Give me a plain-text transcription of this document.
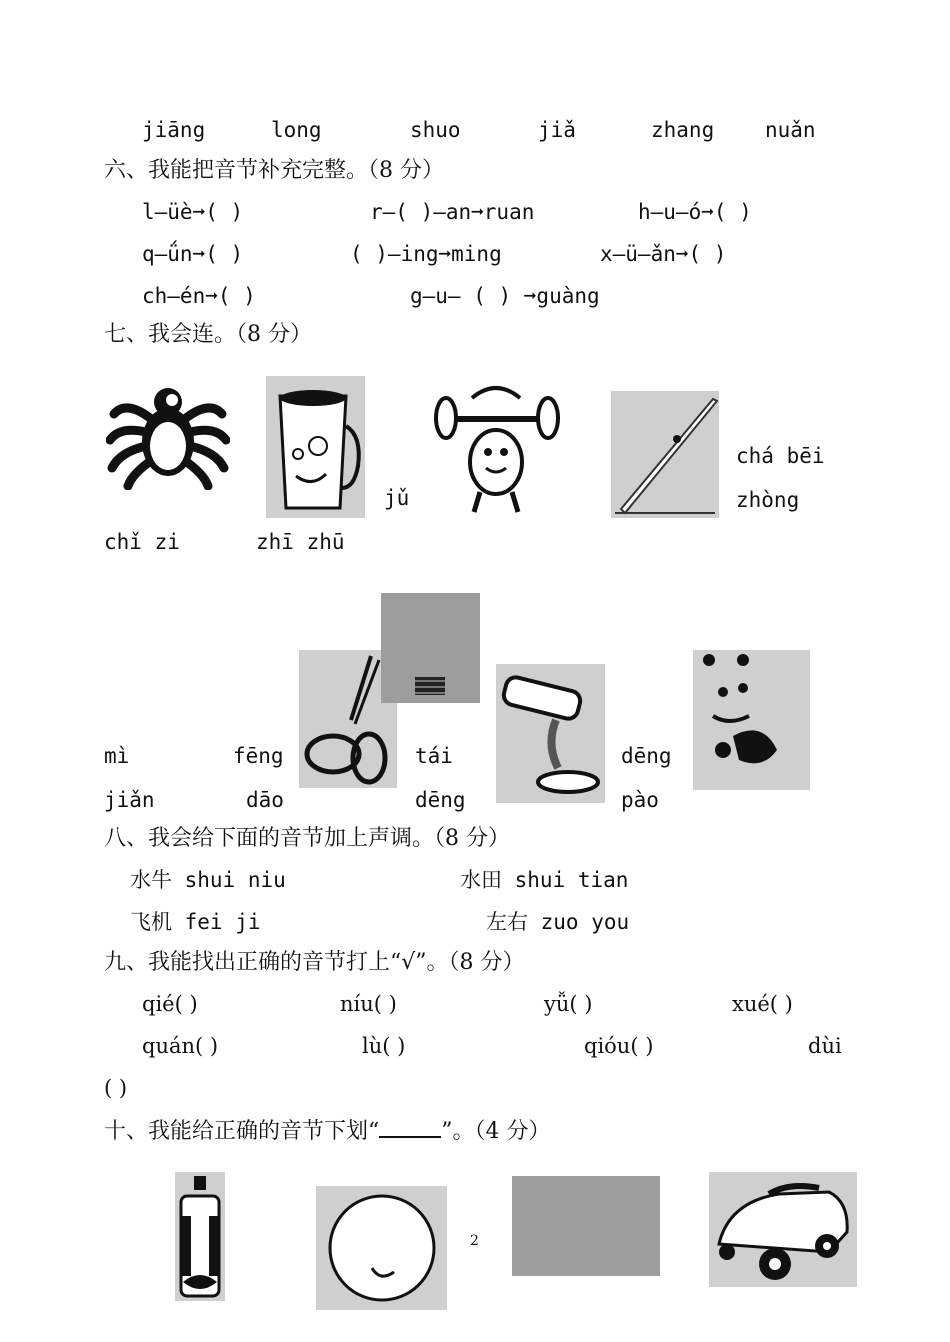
jiāng	long	shuo	jiǎ	zhang nuǎn
六、我能把音节补充完整。（8 分）
l—üè➞( )	r—( )—an➞ruan	h—u—ó➞( )
q—ǘn➞( )	( )—ing➞ming	x—ü—ǎn➞( )
ch—én➞( )	g—u— ( ) ➞guàng
七、我会连。（8 分）
jǔ
chá bēi
zhòng
chǐ zi	zhī zhū
tái	dēng
mì	fēng
jiǎn	dāo	dēng	pào
八、我会给下面的音节加上声调。（8 分）
水牛 shui niu	水田 shui tian
飞机 fei ji	左右 zuo you
九、我能找出正确的音节打上“√”。（8 分）
qié( )	níu( )	yǚ( )	xué( )
quán( )	lù( )	qióu( )	dùi
( )
十、我能给正确的音节下划“	”。（4 分）
2
